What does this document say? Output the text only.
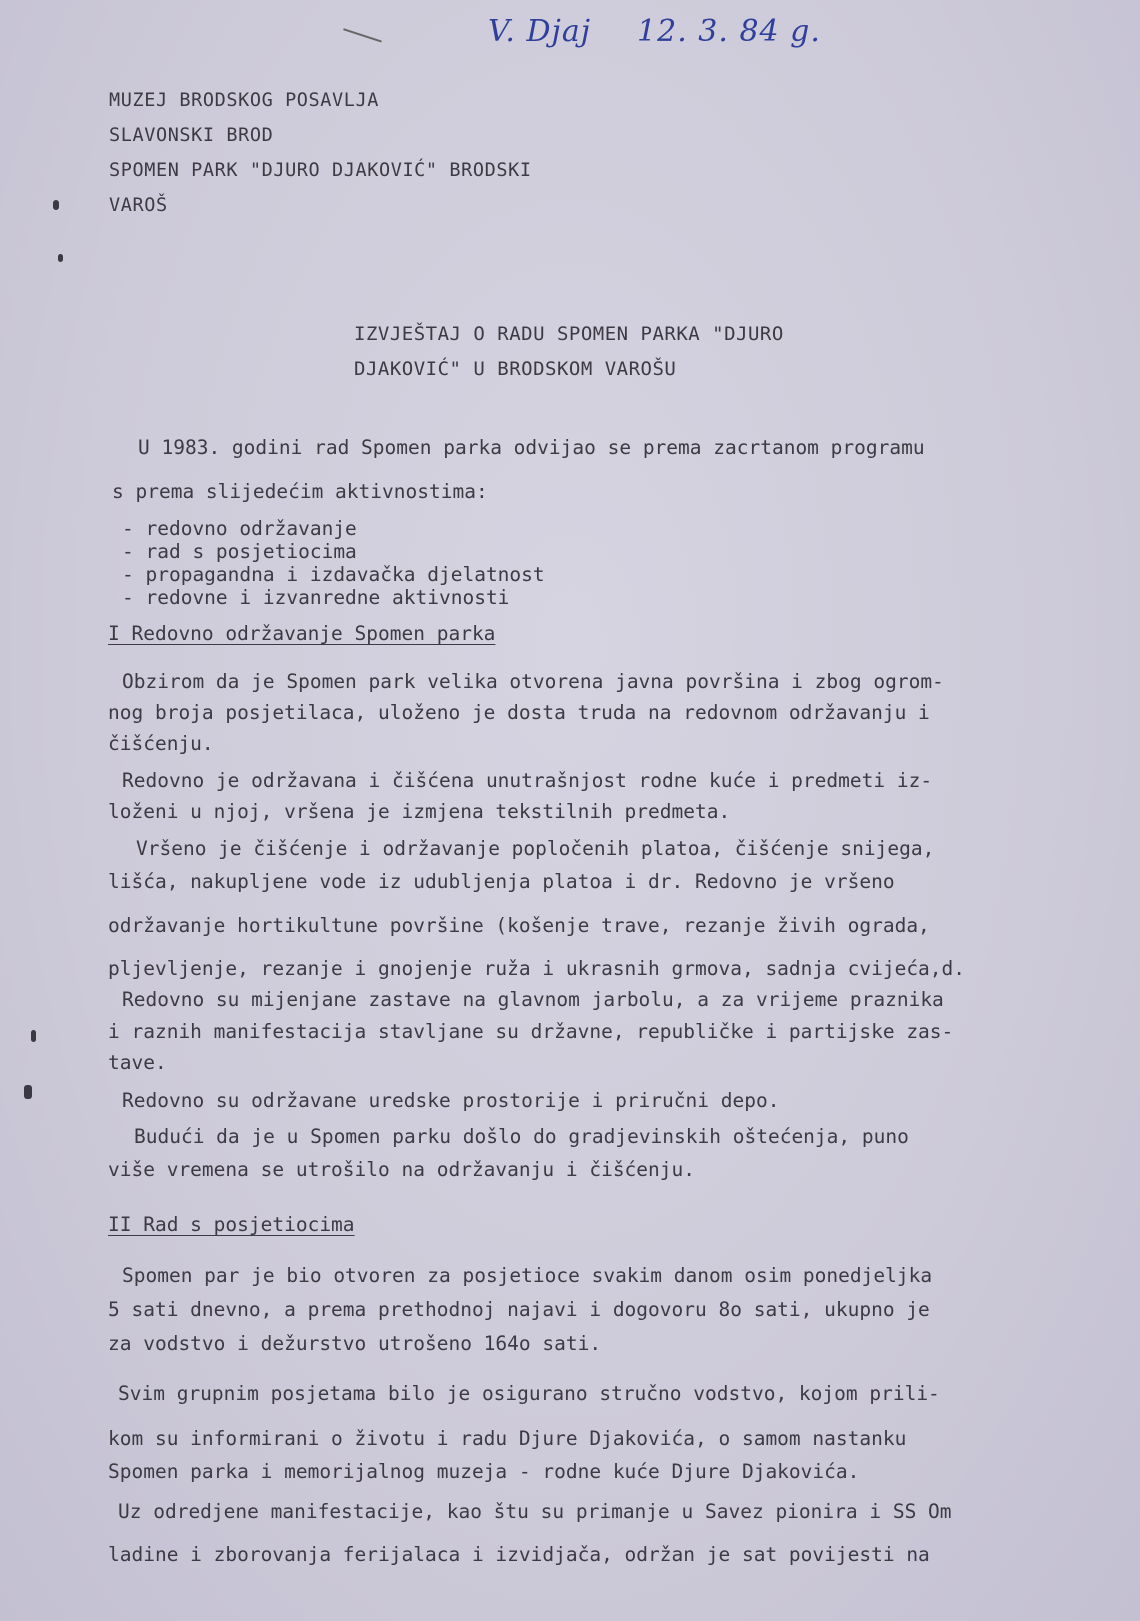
V. Djaj 12. 3. 84 g.
MUZEJ BRODSKOG POSAVLJA
SLAVONSKI BROD
SPOMEN PARK "DJURO DJAKOVIĆ" BRODSKI
VAROŠ
IZVJEŠTAJ O RADU SPOMEN PARKA "DJURO
DJAKOVIĆ" U BRODSKOM VAROŠU
U 1983. godini rad Spomen parka odvijao se prema zacrtanom programu
s prema slijedećim aktivnostima:
- redovno održavanje
- rad s posjetiocima
- propagandna i izdavačka djelatnost
- redovne i izvanredne aktivnosti
I Redovno održavanje Spomen parka
Obzirom da je Spomen park velika otvorena javna površina i zbog ogrom-
nog broja posjetilaca, uloženo je dosta truda na redovnom održavanju i
čišćenju.
Redovno je održavana i čišćena unutrašnjost rodne kuće i predmeti iz-
loženi u njoj, vršena je izmjena tekstilnih predmeta.
Vršeno je čišćenje i održavanje popločenih platoa, čišćenje snijega,
lišća, nakupljene vode iz udubljenja platoa i dr. Redovno je vršeno
održavanje hortikultune površine (košenje trave, rezanje živih ograda,
pljevljenje, rezanje i gnojenje ruža i ukrasnih grmova, sadnja cvijeća,d.
Redovno su mijenjane zastave na glavnom jarbolu, a za vrijeme praznika
i raznih manifestacija stavljane su državne, republičke i partijske zas-
tave.
Redovno su održavane uredske prostorije i priručni depo.
Budući da je u Spomen parku došlo do gradjevinskih oštećenja, puno
više vremena se utrošilo na održavanju i čišćenju.
II Rad s posjetiocima
Spomen par je bio otvoren za posjetioce svakim danom osim ponedjeljka
5 sati dnevno, a prema prethodnoj najavi i dogovoru 8o sati, ukupno je
za vodstvo i dežurstvo utrošeno 164o sati.
Svim grupnim posjetama bilo je osigurano stručno vodstvo, kojom prili-
kom su informirani o životu i radu Djure Djakovića, o samom nastanku
Spomen parka i memorijalnog muzeja - rodne kuće Djure Djakovića.
Uz odredjene manifestacije, kao štu su primanje u Savez pionira i SS Om
ladine i zborovanja ferijalaca i izvidjača, održan je sat povijesti na
